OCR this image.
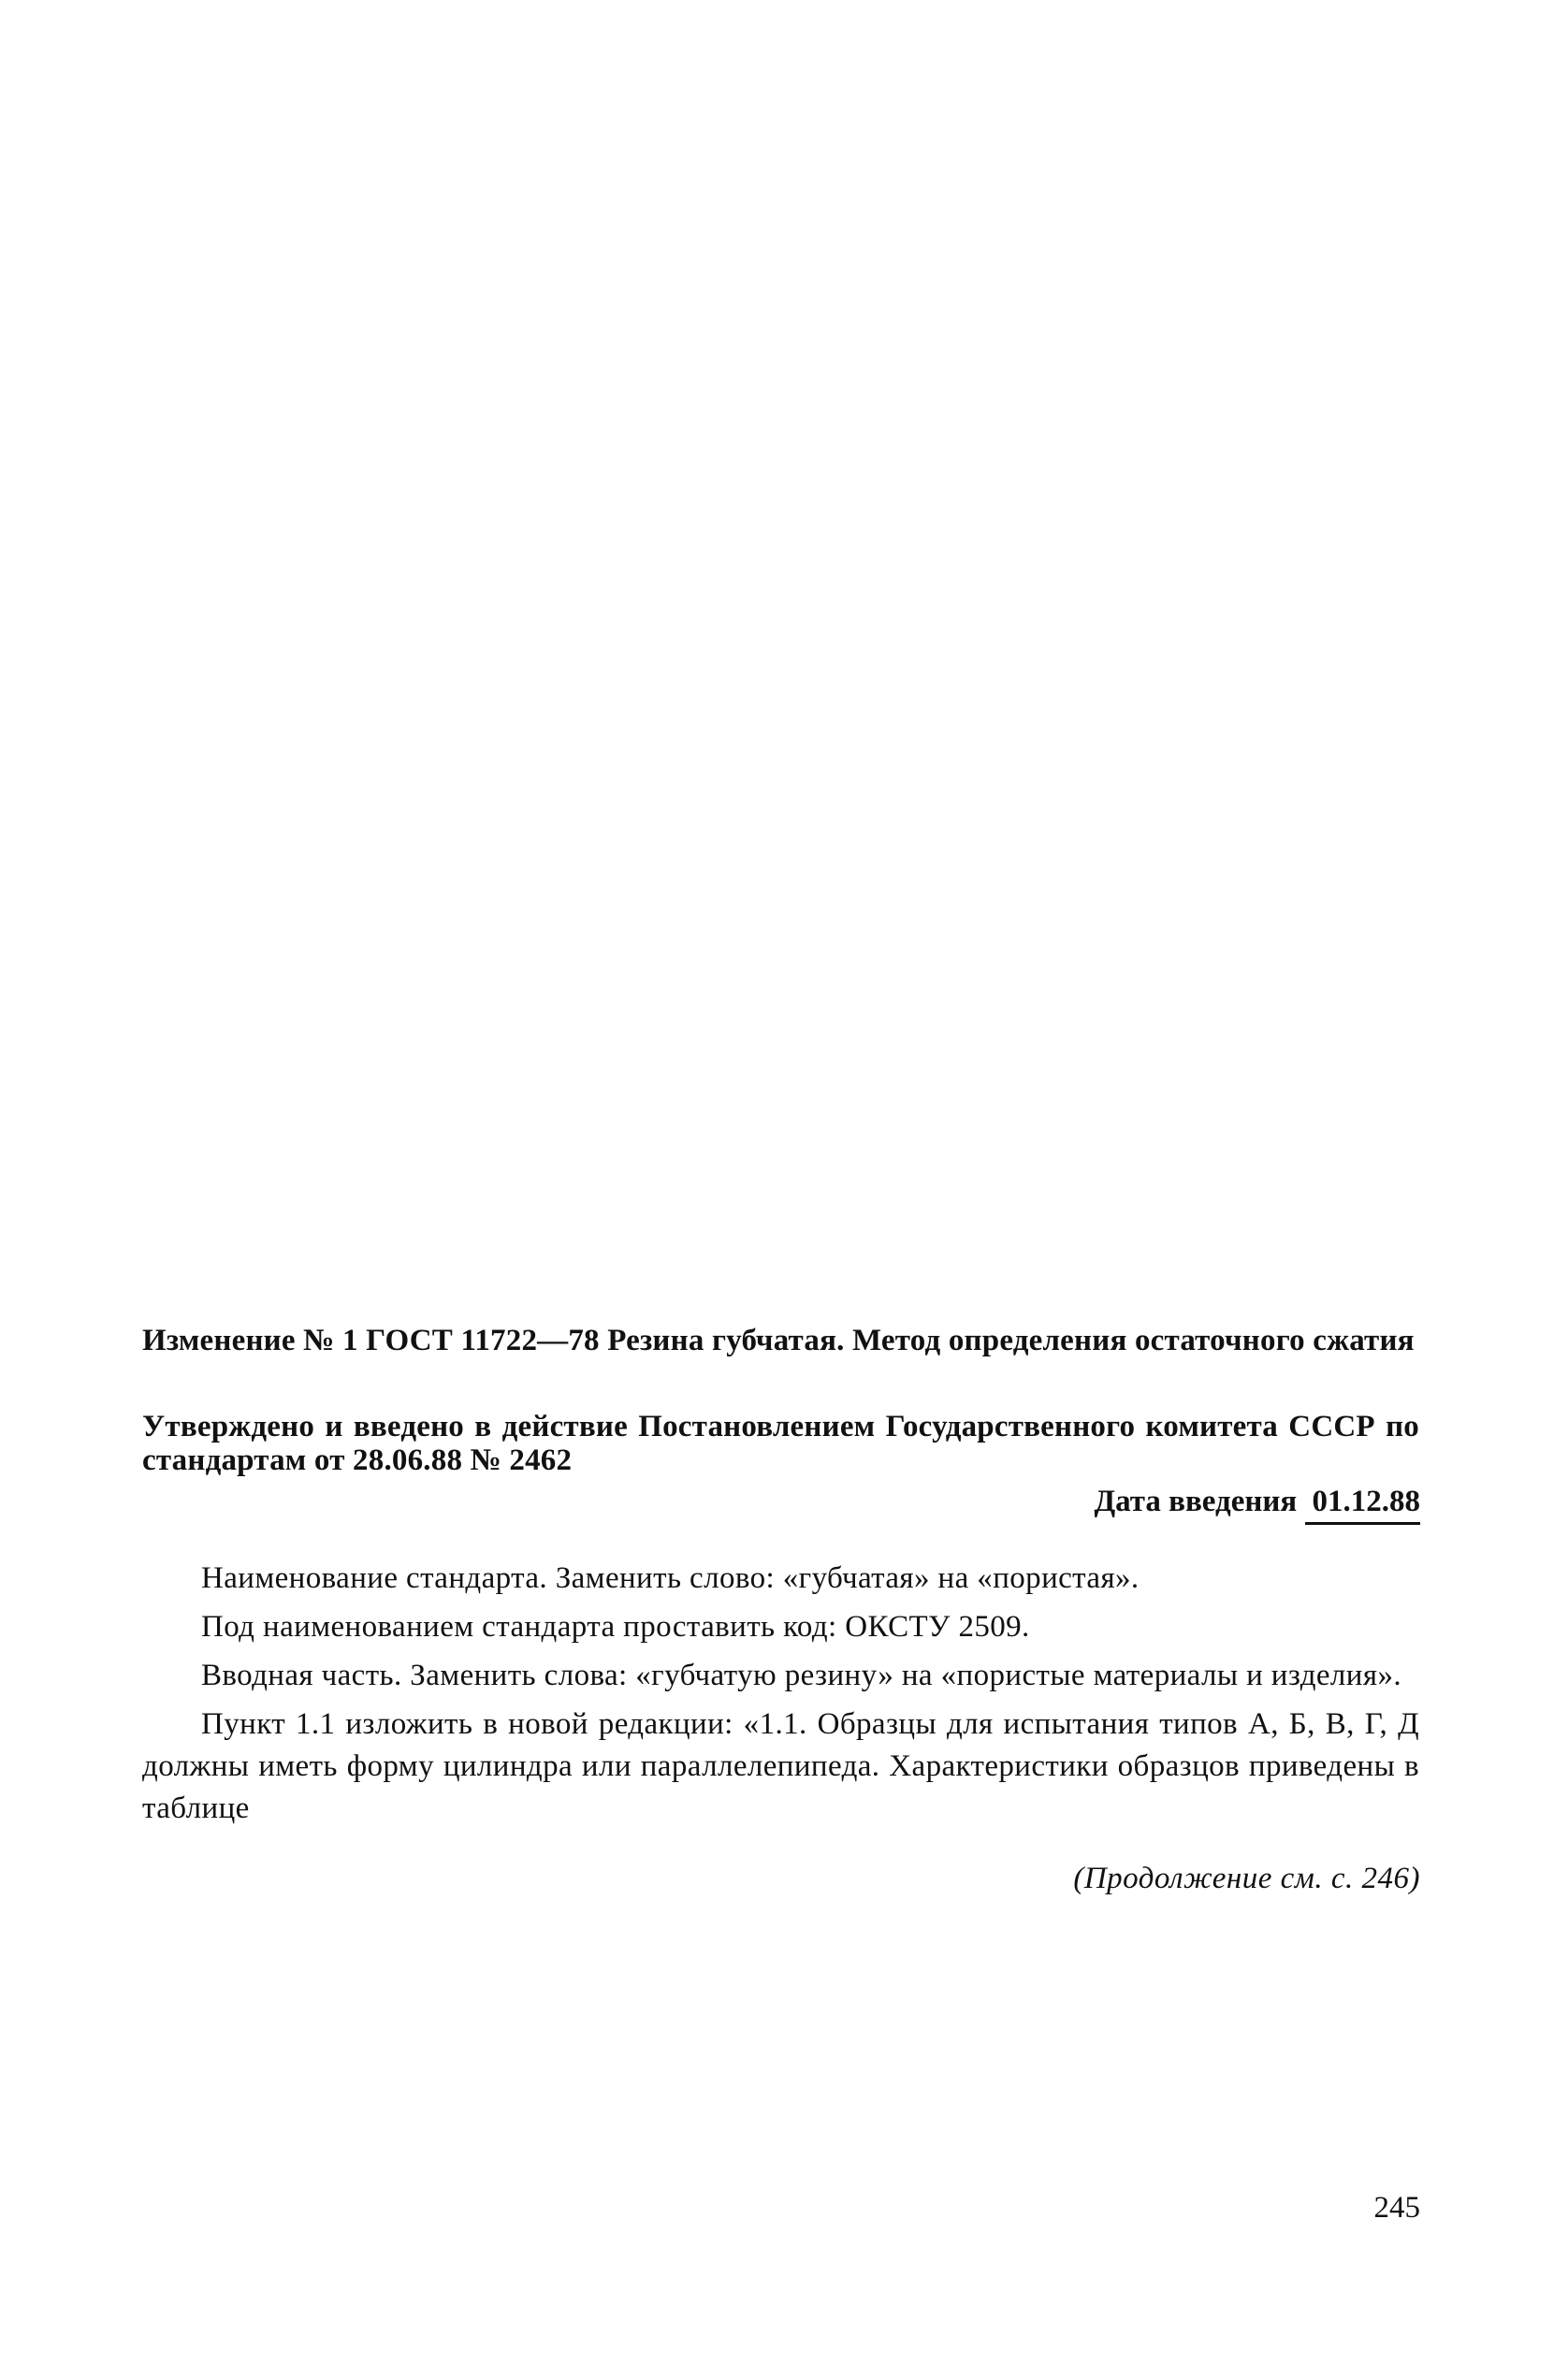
Изменение № 1 ГОСТ 11722—78 Резина губчатая. Метод определения остаточного сжатия
Утверждено и введено в действие Постановлением Государственного комитета СССР по стандартам от 28.06.88 № 2462
Дата введения 01.12.88

Наименование стандарта. Заменить слово: «губчатая» на «пористая».

Под наименованием стандарта проставить код: ОКСТУ 2509.

Вводная часть. Заменить слова: «губчатую резину» на «пористые материалы и изделия».

Пункт 1.1 изложить в новой редакции: «1.1. Образцы для испытания типов А, Б, В, Г, Д должны иметь форму цилиндра или параллелепипеда. Характеристики образцов приведены в таблице

(Продолжение см. с. 246)
245
